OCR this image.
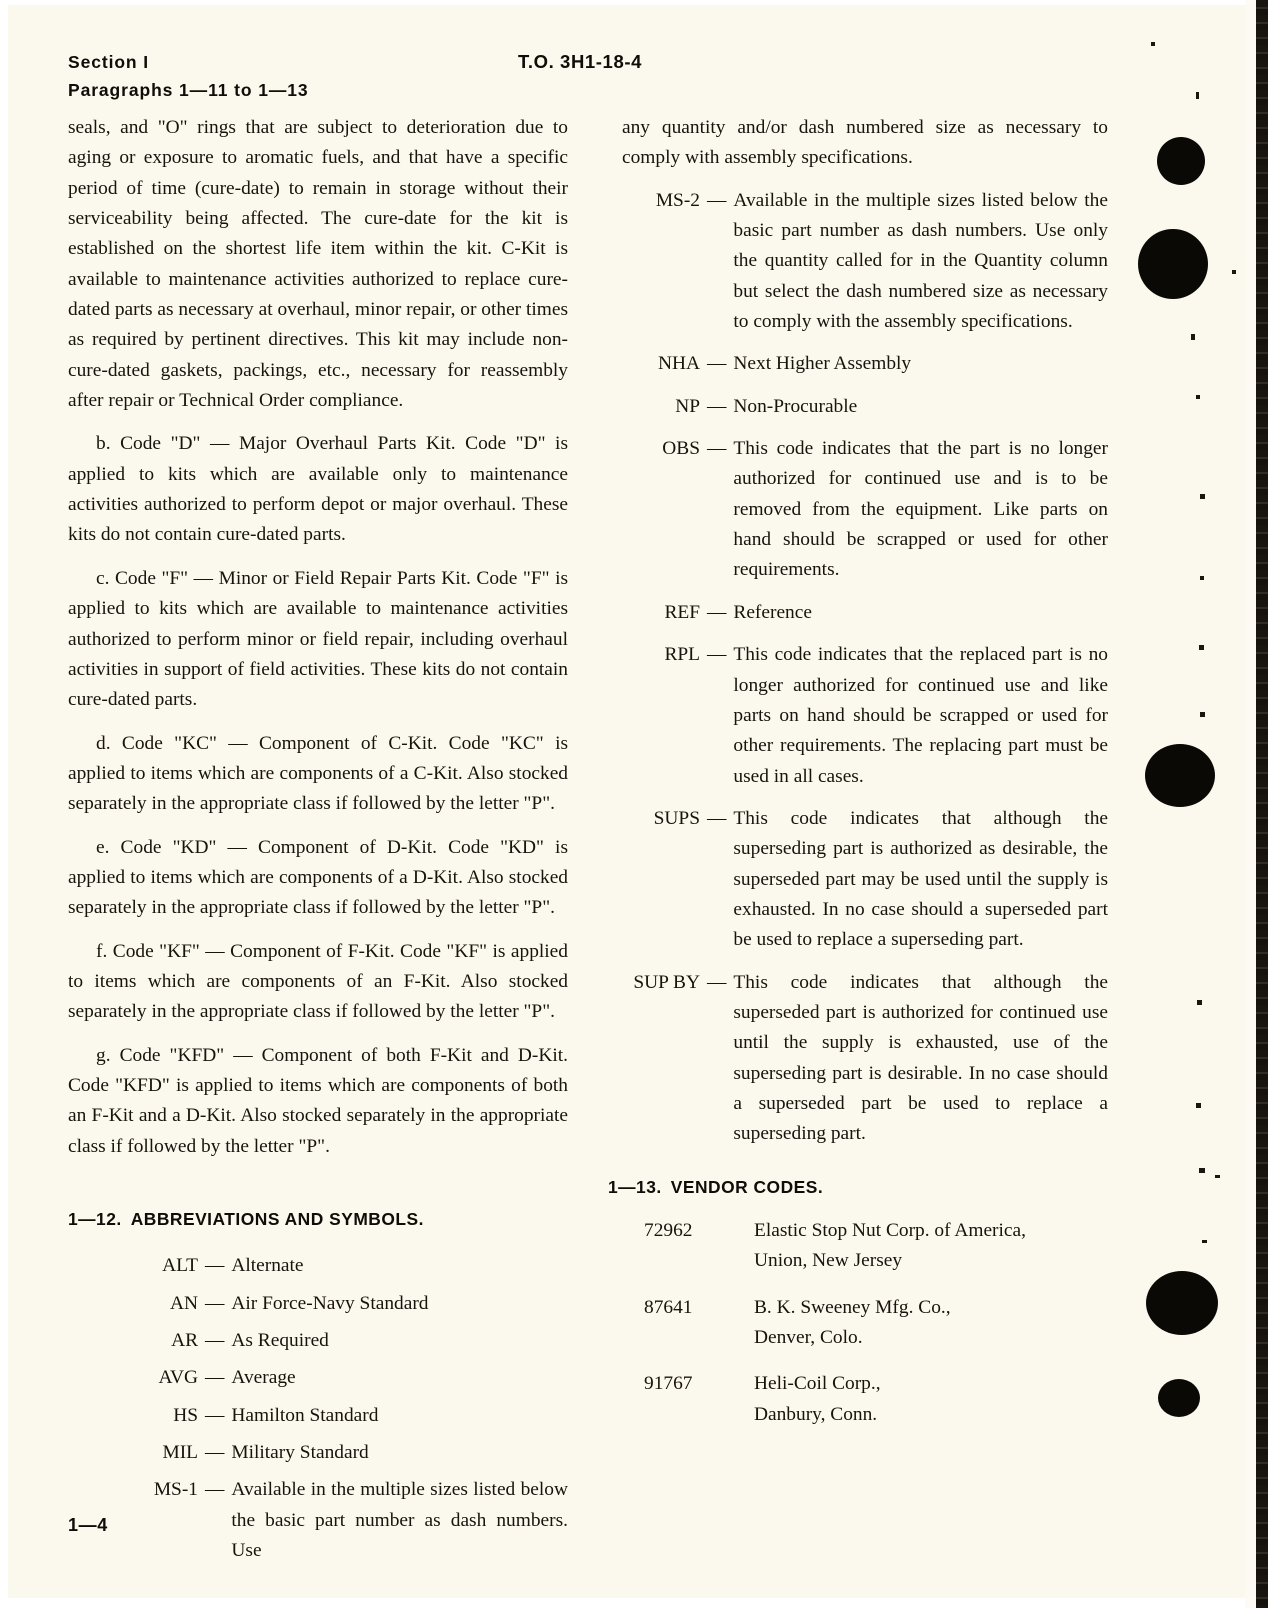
Section I
Paragraphs 1—11 to 1—13
T.O. 3H1-18-4

seals, and "O" rings that are subject to deterioration due to aging or exposure to aromatic fuels, and that have a specific period of time (cure-date) to remain in storage without their serviceability being affected. The cure-date for the kit is established on the shortest life item within the kit. C-Kit is available to maintenance activities authorized to replace cure-dated parts as necessary at overhaul, minor repair, or other times as required by pertinent directives. This kit may include non-cure-dated gaskets, packings, etc., necessary for reassembly after repair or Technical Order compliance.

b. Code "D" — Major Overhaul Parts Kit. Code "D" is applied to kits which are available only to maintenance activities authorized to perform depot or major overhaul. These kits do not contain cure-dated parts.

c. Code "F" — Minor or Field Repair Parts Kit. Code "F" is applied to kits which are available to maintenance activities authorized to perform minor or field repair, including overhaul activities in support of field activities. These kits do not contain cure-dated parts.

d. Code "KC" — Component of C-Kit. Code "KC" is applied to items which are components of a C-Kit. Also stocked separately in the appropriate class if followed by the letter "P".

e. Code "KD" — Component of D-Kit. Code "KD" is applied to items which are components of a D-Kit. Also stocked separately in the appropriate class if followed by the letter "P".

f. Code "KF" — Component of F-Kit. Code "KF" is applied to items which are components of an F-Kit. Also stocked separately in the appropriate class if followed by the letter "P".

g. Code "KFD" — Component of both F-Kit and D-Kit. Code "KFD" is applied to items which are components of both an F-Kit and a D-Kit. Also stocked separately in the appropriate class if followed by the letter "P".

1—12. ABBREVIATIONS AND SYMBOLS.
ALT — Alternate
AN — Air Force-Navy Standard
AR — As Required
AVG — Average
HS — Hamilton Standard
MIL — Military Standard
MS-1 — Available in the multiple sizes listed below the basic part number as dash numbers. Use
any quantity and/or dash numbered size as necessary to comply with assembly specifications.
MS-2 — Available in the multiple sizes listed below the basic part number as dash numbers. Use only the quantity called for in the Quantity column but select the dash numbered size as necessary to comply with the assembly specifications.
NHA — Next Higher Assembly
NP — Non-Procurable
OBS — This code indicates that the part is no longer authorized for continued use and is to be removed from the equipment. Like parts on hand should be scrapped or used for other requirements.
REF — Reference
RPL — This code indicates that the replaced part is no longer authorized for continued use and like parts on hand should be scrapped or used for other requirements. The replacing part must be used in all cases.
SUPS — This code indicates that although the superseding part is authorized as desirable, the superseded part may be used until the supply is exhausted. In no case should a superseded part be used to replace a superseding part.
SUP BY — This code indicates that although the superseded part is authorized for continued use until the supply is exhausted, use of the superseding part is desirable. In no case should a superseded part be used to replace a superseding part.
1—13. VENDOR CODES.
72962	Elastic Stop Nut Corp. of America,
Union, New Jersey
87641	B. K. Sweeney Mfg. Co.,
Denver, Colo.
91767	Heli-Coil Corp.,
Danbury, Conn.
1—4
